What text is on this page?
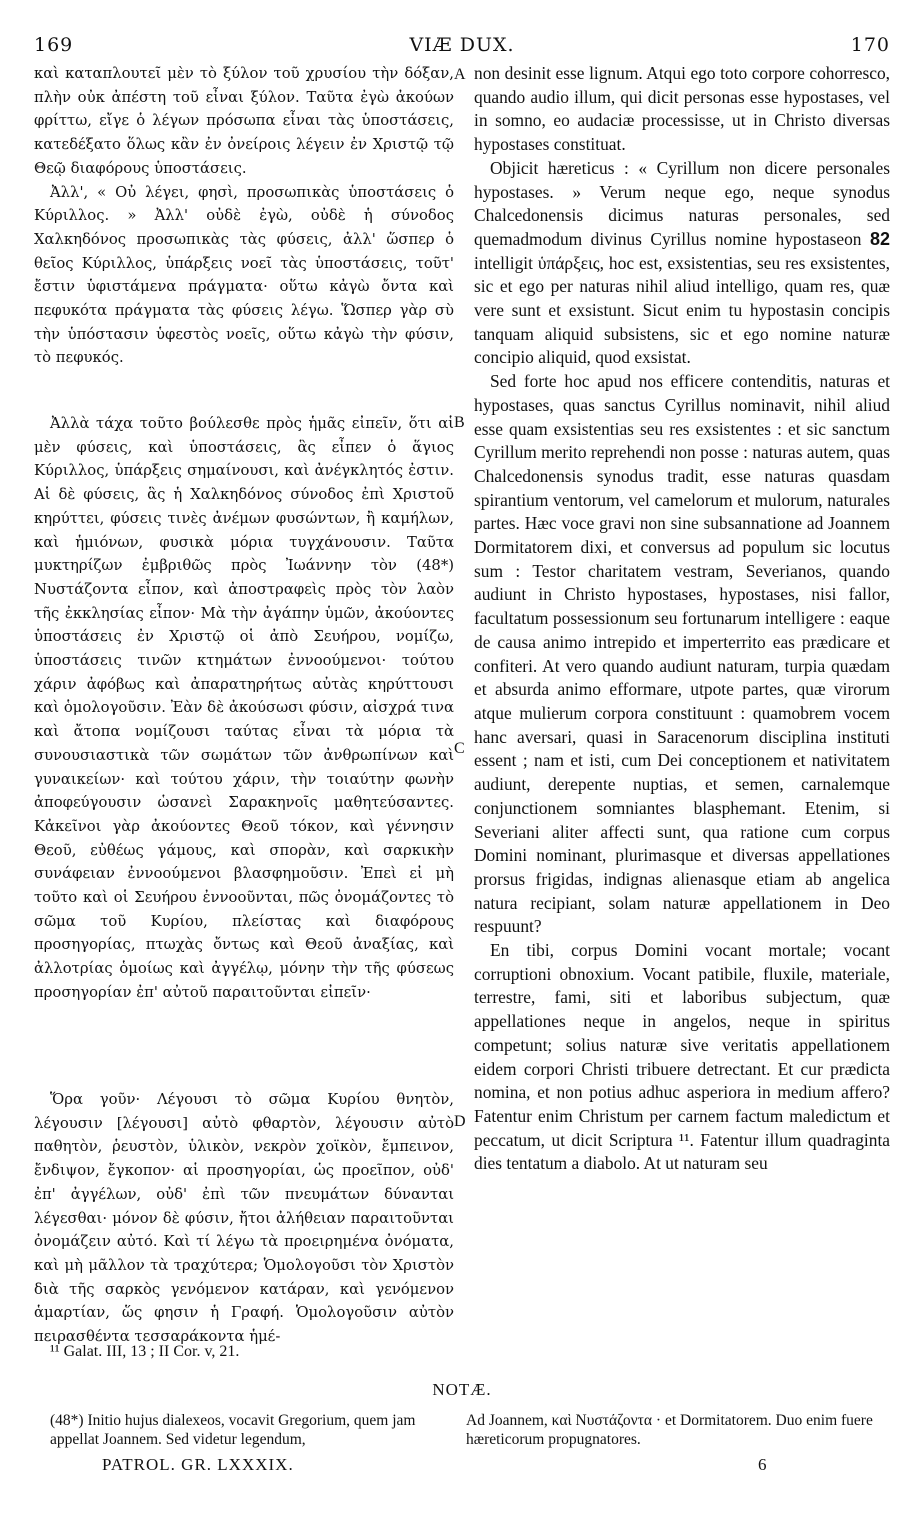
169	VIÆ DUX.	170

καὶ καταπλουτεῖ μὲν τὸ ξύλον τοῦ χρυσίου τὴν δόξαν, πλὴν οὐκ ἀπέστη τοῦ εἶναι ξύλον. Ταῦτα ἐγὼ ἀκούων φρίττω, εἴγε ὁ λέγων πρόσωπα εἶναι τὰς ὑποστάσεις, κατεδέξατο ὅλως κἂν ἐν ὀνείροις λέγειν ἐν Χριστῷ τῷ Θεῷ διαφόρους ὑποστάσεις.

Ἀλλ', « Οὐ λέγει, φησὶ, προσωπικὰς ὑποστάσεις ὁ Κύριλλος. » Ἀλλ' οὐδὲ ἐγὼ, οὐδὲ ἡ σύνοδος Χαλκηδόνος προσωπικὰς τὰς φύσεις, ἀλλ' ὥσπερ ὁ θεῖος Κύριλλος, ὑπάρξεις νοεῖ τὰς ὑποστάσεις, τοῦτ' ἔστιν ὑφιστάμενα πράγματα· οὕτω κἀγὼ ὄντα καὶ πεφυκότα πράγματα τὰς φύσεις λέγω. Ὥσπερ γὰρ σὺ τὴν ὑπόστασιν ὑφεστὸς νοεῖς, οὕτω κἀγὼ τὴν φύσιν, τὸ πεφυκός.

Ἀλλὰ τάχα τοῦτο βούλεσθε πρὸς ἡμᾶς εἰπεῖν, ὅτι αἱ μὲν φύσεις, καὶ ὑποστάσεις, ἃς εἶπεν ὁ ἅγιος Κύριλλος, ὑπάρξεις σημαίνουσι, καὶ ἀνέγκλητός ἐστιν. Αἱ δὲ φύσεις, ἃς ἡ Χαλκηδόνος σύνοδος ἐπὶ Χριστοῦ κηρύττει, φύσεις τινὲς ἀνέμων φυσώντων, ἢ καμήλων, καὶ ἡμιόνων, φυσικὰ μόρια τυγχάνουσιν. Ταῦτα μυκτηρίζων ἐμβριθῶς πρὸς Ἰωάννην τὸν (48*) Νυστάζοντα εἶπον, καὶ ἀποστραφεὶς πρὸς τὸν λαὸν τῆς ἐκκλησίας εἶπον· Μὰ τὴν ἀγάπην ὑμῶν, ἀκούοντες ὑποστάσεις ἐν Χριστῷ οἱ ἀπὸ Σευήρου, νομίζω, ὑποστάσεις τινῶν κτημάτων ἐννοούμενοι· τούτου χάριν ἀφόβως καὶ ἀπαρατηρήτως αὐτὰς κηρύττουσι καὶ ὁμολογοῦσιν. Ἐὰν δὲ ἀκούσωσι φύσιν, αἰσχρά τινα καὶ ἄτοπα νομίζουσι ταύτας εἶναι τὰ μόρια τὰ συνουσιαστικὰ τῶν σωμάτων τῶν ἀνθρωπίνων καὶ γυναικείων· καὶ τούτου χάριν, τὴν τοιαύτην φωνὴν ἀποφεύγουσιν ὡσανεὶ Σαρακηνοῖς μαθητεύσαντες. Κἀκεῖνοι γὰρ ἀκούοντες Θεοῦ τόκον, καὶ γέννησιν Θεοῦ, εὐθέως γάμους, καὶ σπορὰν, καὶ σαρκικὴν συνάφειαν ἐννοούμενοι βλασφημοῦσιν. Ἐπεὶ εἰ μὴ τοῦτο καὶ οἱ Σευήρου ἐννοοῦνται, πῶς ὀνομάζοντες τὸ σῶμα τοῦ Κυρίου, πλείστας καὶ διαφόρους προσηγορίας, πτωχὰς ὄντως καὶ Θεοῦ ἀναξίας, καὶ ἀλλοτρίας ὁμοίως καὶ ἀγγέλῳ, μόνην τὴν τῆς φύσεως προσηγορίαν ἐπ' αὐτοῦ παραιτοῦνται εἰπεῖν·

Ὅρα γοῦν· Λέγουσι τὸ σῶμα Κυρίου θνητὸν, λέγουσιν [λέγουσι] αὐτὸ φθαρτὸν, λέγουσιν αὐτὸ παθητὸν, ῥευστὸν, ὑλικὸν, νεκρὸν χοϊκὸν, ἔμπεινον, ἔνδιψον, ἔγκοπον· αἱ προσηγορίαι, ὡς προεῖπον, οὐδ' ἐπ' ἀγγέλων, οὐδ' ἐπὶ τῶν πνευμάτων δύνανται λέγεσθαι· μόνον δὲ φύσιν, ἤτοι ἀλήθειαν παραιτοῦνται ὀνομάζειν αὐτό. Καὶ τί λέγω τὰ προειρημένα ὀνόματα, καὶ μὴ μᾶλλον τὰ τραχύτερα; Ὁμολογοῦσι τὸν Χριστὸν διὰ τῆς σαρκὸς γενόμενον κατάραν, καὶ γενόμενον ἁμαρτίαν, ὥς φησιν ἡ Γραφή. Ὁμολογοῦσιν αὐτὸν πειρασθέντα τεσσαράκοντα ἡμέ-

non desinit esse lignum. Atqui ego toto corpore cohorresco, quando audio illum, qui dicit personas esse hypostases, vel in somno, eo audaciæ processisse, ut in Christo diversas hypostases constituat.

Objicit hæreticus : « Cyrillum non dicere personales hypostases. » Verum neque ego, neque synodus Chalcedonensis dicimus naturas personales, sed quemadmodum divinus Cyrillus nomine hypostaseon 82 intelligit ὑπάρξεις, hoc est, exsistentias, seu res exsistentes, sic et ego per naturas nihil aliud intelligo, quam res, quæ vere sunt et exsistunt. Sicut enim tu hypostasin concipis tanquam aliquid subsistens, sic et ego nomine naturæ concipio aliquid, quod exsistat.

Sed forte hoc apud nos efficere contenditis, naturas et hypostases, quas sanctus Cyrillus nominavit, nihil aliud esse quam exsistentias seu res exsistentes : et sic sanctum Cyrillum merito reprehendi non posse : naturas autem, quas Chalcedonensis synodus tradit, esse naturas quasdam spirantium ventorum, vel camelorum et mulorum, naturales partes. Hæc voce gravi non sine subsannatione ad Joannem Dormitatorem dixi, et conversus ad populum sic locutus sum : Testor charitatem vestram, Severianos, quando audiunt in Christo hypostases, hypostases, nisi fallor, facultatum possessionum seu fortunarum intelligere : eaque de causa animo intrepido et imperterrito eas prædicare et confiteri. At vero quando audiunt naturam, turpia quædam et absurda animo efformare, utpote partes, quæ virorum atque mulierum corpora constituunt : quamobrem vocem hanc aversari, quasi in Saracenorum disciplina instituti essent ; nam et isti, cum Dei conceptionem et nativitatem audiunt, derepente nuptias, et semen, carnalemque conjunctionem somniantes blasphemant. Etenim, si Severiani aliter affecti sunt, qua ratione cum corpus Domini nominant, plurimasque et diversas appellationes prorsus frigidas, indignas alienasque etiam ab angelica natura recipiant, solam naturæ appellationem in Deo respuunt?

En tibi, corpus Domini vocant mortale; vocant corruptioni obnoxium. Vocant patibile, fluxile, materiale, terrestre, fami, siti et laboribus subjectum, quæ appellationes neque in angelos, neque in spiritus competunt; solius naturæ sive veritatis appellationem eidem corpori Christi tribuere detrectant. Et cur prædicta nomina, et non potius adhuc asperiora in medium affero? Fatentur enim Christum per carnem factum maledictum et peccatum, ut dicit Scriptura ¹¹. Fatentur illum quadraginta dies tentatum a diabolo. At ut naturam seu

A
B
C
D
¹¹ Galat. III, 13 ; II Cor. v, 21.
NOTÆ.
(48*) Initio hujus dialexeos, vocavit Gregorium, quem jam appellat Joannem. Sed videtur legendum,
Ad Joannem, καὶ Νυστάζοντα · et Dormitatorem. Duo enim fuere hæreticorum propugnatores.
PATROL. GR. LXXXIX.	6
